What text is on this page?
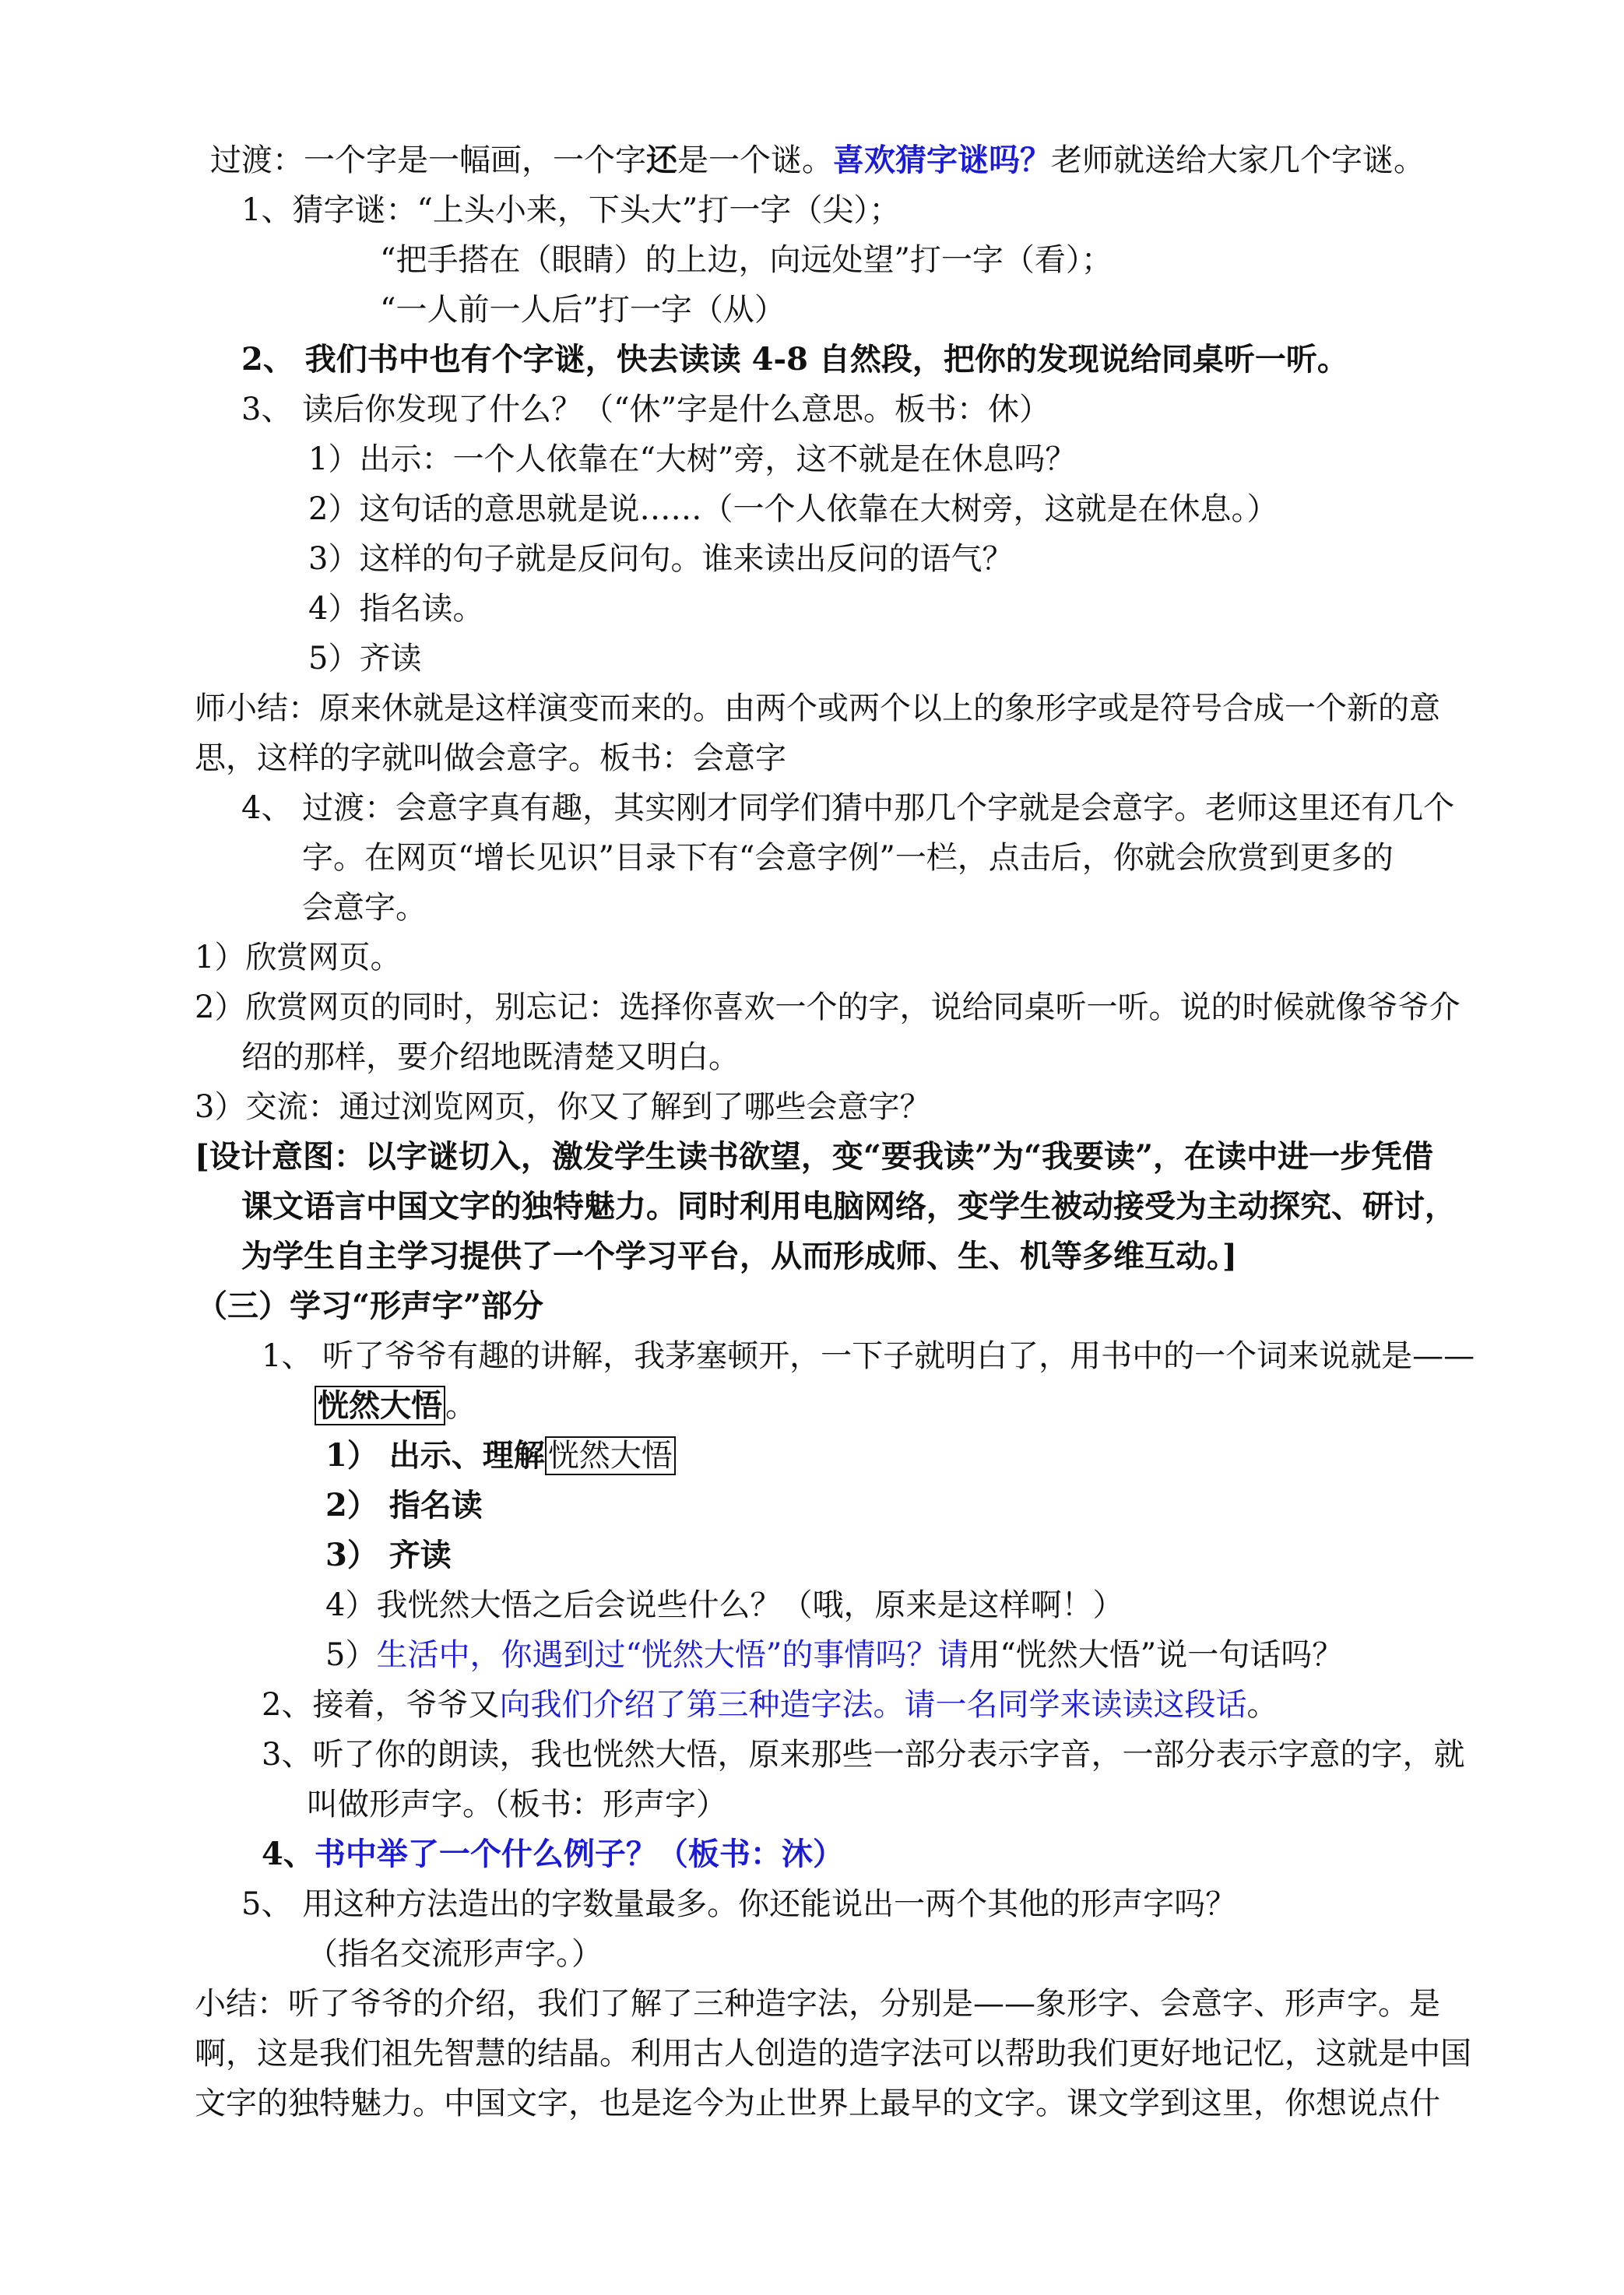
过渡：一个字是一幅画，一个字还是一个谜。喜欢猜字谜吗？老师就送给大家几个字谜。
1、猜字谜：“上头小来，下头大”打一字（尖）；
“把手搭在（眼睛）的上边，向远处望”打一字（看）；
“一人前一人后”打一字（从）
2、 我们书中也有个字谜，快去读读 4-8 自然段，把你的发现说给同桌听一听。
3、 读后你发现了什么？（“休”字是什么意思。板书：休）
1）出示：一个人依靠在“大树”旁，这不就是在休息吗？
2）这句话的意思就是说……（一个人依靠在大树旁，这就是在休息。）
3）这样的句子就是反问句。谁来读出反问的语气？
4）指名读。
5）齐读
师小结：原来休就是这样演变而来的。由两个或两个以上的象形字或是符号合成一个新的意
思，这样的字就叫做会意字。板书：会意字
4、 过渡：会意字真有趣，其实刚才同学们猜中那几个字就是会意字。老师这里还有几个
字。在网页“增长见识”目录下有“会意字例”一栏，点击后，你就会欣赏到更多的
会意字。
1）欣赏网页。
2）欣赏网页的同时，别忘记：选择你喜欢一个的字，说给同桌听一听。说的时候就像爷爷介
绍的那样，要介绍地既清楚又明白。
3）交流：通过浏览网页，你又了解到了哪些会意字？
[设计意图：以字谜切入，激发学生读书欲望，变“要我读”为“我要读”，在读中进一步凭借
课文语言中国文字的独特魅力。同时利用电脑网络，变学生被动接受为主动探究、研讨，
为学生自主学习提供了一个学习平台，从而形成师、生、机等多维互动。]
（三）学习“形声字”部分
1、 听了爷爷有趣的讲解，我茅塞顿开，一下子就明白了，用书中的一个词来说就是——
恍然大悟 。
1） 出示、理解 恍然大悟
2） 指名读
3） 齐读
4）我恍然大悟之后会说些什么？（哦，原来是这样啊！）
5）生活中，你遇到过“恍然大悟”的事情吗？请用“恍然大悟”说一句话吗？
2、接着，爷爷又向我们介绍了第三种造字法。请一名同学来读读这段话。
3、听了你的朗读，我也恍然大悟，原来那些一部分表示字音，一部分表示字意的字，就
叫做形声字。（板书：形声字）
4、书中举了一个什么例子？（板书：沐）
5、 用这种方法造出的字数量最多。你还能说出一两个其他的形声字吗？
（指名交流形声字。）
小结：听了爷爷的介绍，我们了解了三种造字法，分别是——象形字、会意字、形声字。是
啊，这是我们祖先智慧的结晶。利用古人创造的造字法可以帮助我们更好地记忆，这就是中国
文字的独特魅力。中国文字，也是迄今为止世界上最早的文字。课文学到这里，你想说点什
